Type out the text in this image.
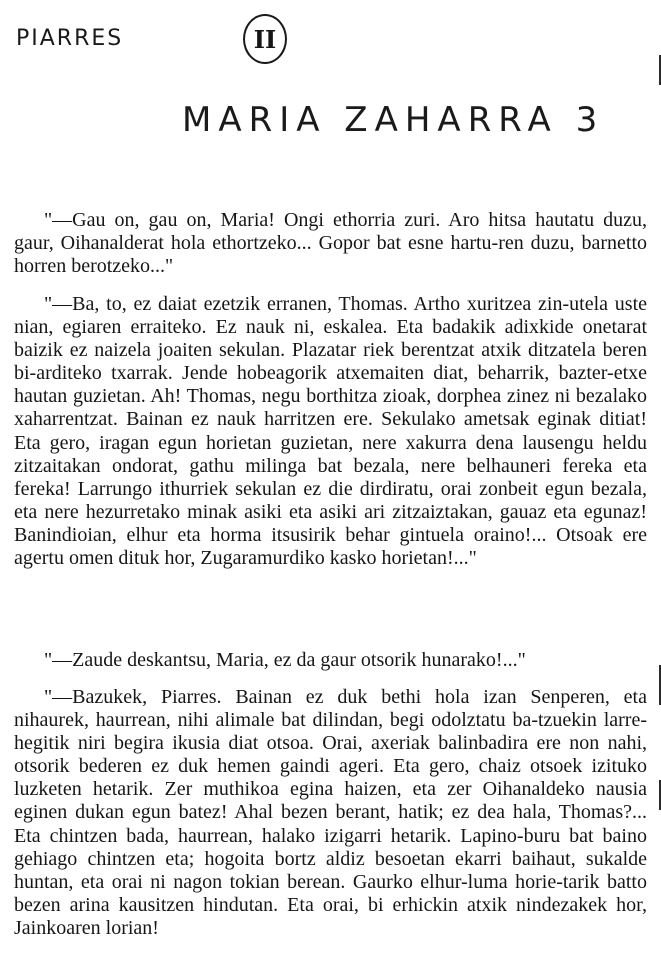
PIARRES	II
MARIA ZAHARRA 3

"—Gau on, gau on, Maria! Ongi ethorria zuri. Aro hitsa hautatu duzu, gaur, Oihanalderat hola ethortzeko... Gopor bat esne hartu-ren duzu, barnetto horren berotzeko..."

"—Ba, to, ez daiat ezetzik erranen, Thomas. Artho xuritzea zin-utela uste nian, egiaren erraiteko. Ez nauk ni, eskalea. Eta badakik adixkide onetarat baizik ez naizela joaiten sekulan. Plazatar riek berentzat atxik ditzatela beren bi-arditeko txarrak. Jende hobeagorik atxemaiten diat, beharrik, bazter-etxe hautan guzietan. Ah! Thomas, negu borthitza zioak, dorphea zinez ni bezalako xaharrentzat. Bainan ez nauk harritzen ere. Sekulako ametsak eginak ditiat! Eta gero, iragan egun horietan guzietan, nere xakurra dena lausengu heldu zitzaitakan ondorat, gathu milinga bat bezala, nere belhauneri fereka eta fereka! Larrungo ithurriek sekulan ez die dirdiratu, orai zonbeit egun bezala, eta nere hezurretako minak asiki eta asiki ari zitzaiztakan, gauaz eta egunaz! Banindioian, elhur eta horma itsusirik behar gintuela oraino!... Otsoak ere agertu omen dituk hor, Zugaramurdiko kasko horietan!..."

"—Zaude deskantsu, Maria, ez da gaur otsorik hunarako!..."

"—Bazukek, Piarres. Bainan ez duk bethi hola izan Senperen, eta nihaurek, haurrean, nihi alimale bat dilindan, begi odolztatu ba-tzuekin larre-hegitik niri begira ikusia diat otsoa. Orai, axeriak balinbadira ere non nahi, otsorik bederen ez duk hemen gaindi ageri. Eta gero, chaiz otsoek izituko luzketen hetarik. Zer muthikoa egina haizen, eta zer Oihanaldeko nausia eginen dukan egun batez! Ahal bezen berant, hatik; ez dea hala, Thomas?... Eta chintzen bada, haurrean, halako izigarri hetarik. Lapino-buru bat baino gehiago chintzen eta; hogoita bortz aldiz besoetan ekarri baihaut, sukalde huntan, eta orai ni nagon tokian berean. Gaurko elhur-luma horie-tarik batto bezen arina kausitzen hindutan. Eta orai, bi erhickin atxik nindezakek hor, Jainkoaren lorian!
